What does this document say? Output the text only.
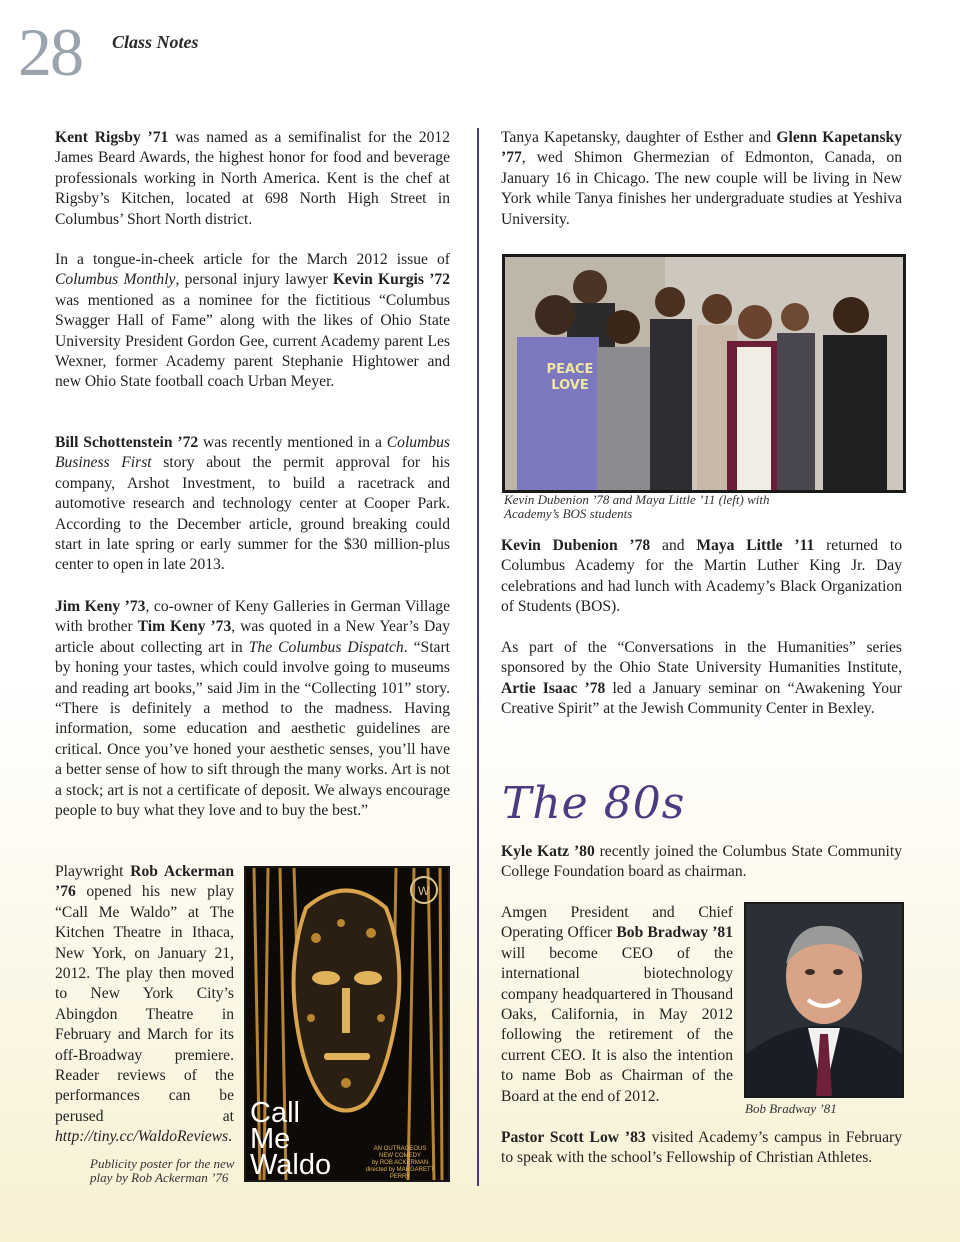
28 Class Notes

Kent Rigsby ’71 was named as a semifinalist for the 2012 James Beard Awards, the highest honor for food and beverage professionals working in North America. Kent is the chef at Rigsby’s Kitchen, located at 698 North High Street in Columbus’ Short North district.

In a tongue-in-cheek article for the March 2012 issue of Columbus Monthly, personal injury lawyer Kevin Kurgis ’72 was mentioned as a nominee for the fictitious “Columbus Swagger Hall of Fame” along with the likes of Ohio State University President Gordon Gee, current Academy parent Les Wexner, former Academy parent Stephanie Hightower and new Ohio State football coach Urban Meyer.

Bill Schottenstein ’72 was recently mentioned in a Columbus Business First story about the permit approval for his company, Arshot Investment, to build a racetrack and automotive research and technology center at Cooper Park. According to the December article, ground breaking could start in late spring or early summer for the $30 million-plus center to open in late 2013.

Jim Keny ’73, co-owner of Keny Galleries in German Village with brother Tim Keny ’73, was quoted in a New Year’s Day article about collecting art in The Columbus Dispatch. “Start by honing your tastes, which could involve going to museums and reading art books,” said Jim in the “Collecting 101” story. “There is definitely a method to the madness. Having information, some education and aesthetic guidelines are critical. Once you’ve honed your aesthetic senses, you’ll have a better sense of how to sift through the many works. Art is not a stock; art is not a certificate of deposit. We always encourage people to buy what they love and to buy the best.”

Playwright Rob Ackerman ’76 opened his new play “Call Me Waldo” at The Kitchen Theatre in Ithaca, New York, on January 21, 2012. The play then moved to New York City’s Abingdon Theatre in February and March for its off-Broadway premiere. Reader reviews of the performances can be perused at http://tiny.cc/WaldoReviews.

Publicity poster for the new play by Rob Ackerman ’76
W
Call
Me
Waldo	AN OUTRAGEOUS
NEW COMEDY
by ROB ACKERMAN
directed by MARGARETT PERRY

Tanya Kapetansky, daughter of Esther and Glenn Kapetansky ’77, wed Shimon Ghermezian of Edmonton, Canada, on January 16 in Chicago. The new couple will be living in New York while Tanya finishes her undergraduate studies at Yeshiva University.

PEACE LOVE
Kevin Dubenion ’78 and Maya Little ’11 (left) with Academy’s BOS students

Kevin Dubenion ’78 and Maya Little ’11 returned to Columbus Academy for the Martin Luther King Jr. Day celebrations and had lunch with Academy’s Black Organization of Students (BOS).

As part of the “Conversations in the Humanities” series sponsored by the Ohio State University Humanities Institute, Artie Isaac ’78 led a January seminar on “Awakening Your Creative Spirit” at the Jewish Community Center in Bexley.

The 80s

Kyle Katz ’80 recently joined the Columbus State Community College Foundation board as chairman.

Amgen President and Chief Operating Officer Bob Bradway ’81 will become CEO of the international biotechnology company headquartered in Thousand Oaks, California, in May 2012 following the retirement of the current CEO. It is also the intention to name Bob as Chairman of the Board at the end of 2012.

Bob Bradway ’81

Pastor Scott Low ’83 visited Academy’s campus in February to speak with the school’s Fellowship of Christian Athletes.
